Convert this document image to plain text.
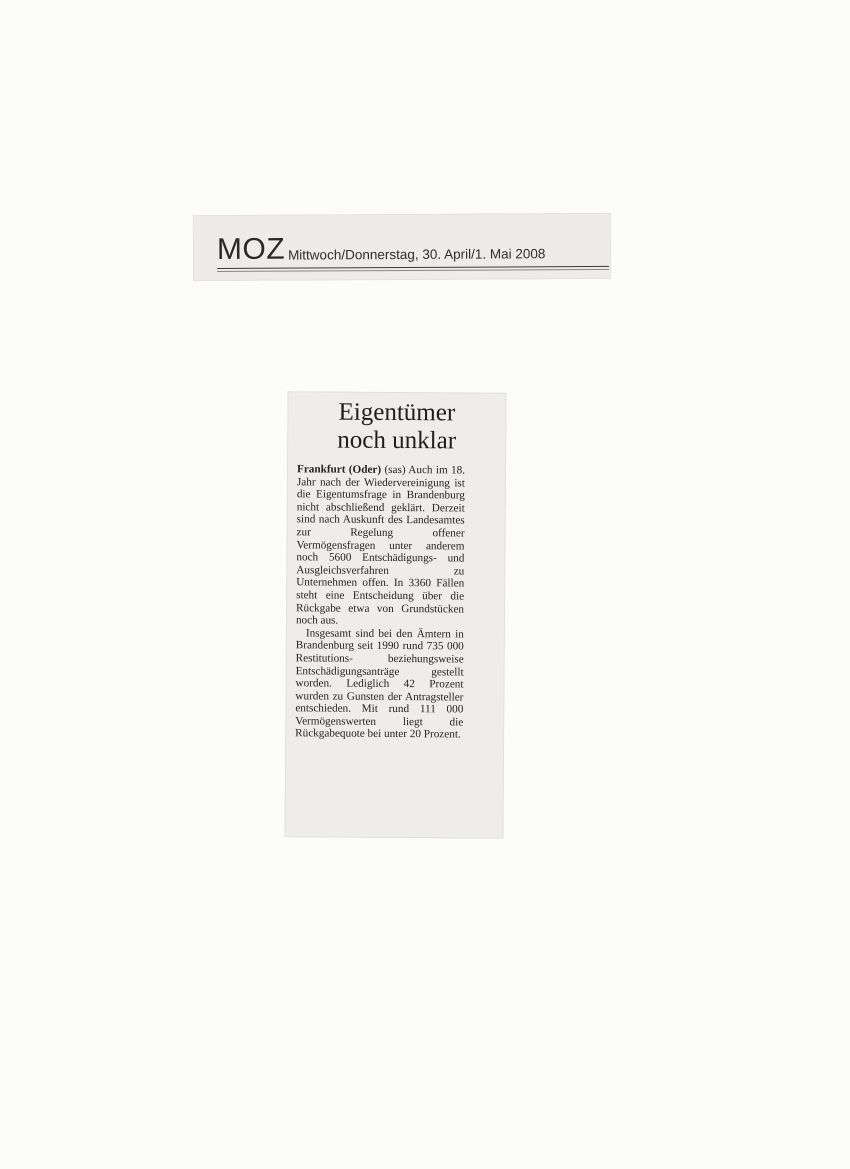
MOZ Mittwoch/Donnerstag, 30. April/1. Mai 2008
Eigentümer
noch unklar

Frankfurt (Oder) (sas) Auch im 18. Jahr nach der Wiedervereinigung ist die Eigentumsfrage in Brandenburg nicht abschließend geklärt. Derzeit sind nach Auskunft des Landesamtes zur Regelung offener Vermögensfragen unter anderem noch 5600 Entschädigungs- und Ausgleichsverfahren zu Unternehmen offen. In 3360 Fällen steht eine Entscheidung über die Rückgabe etwa von Grundstücken noch aus.

Insgesamt sind bei den Ämtern in Brandenburg seit 1990 rund 735 000 Restitutions- beziehungsweise Entschädigungsanträge gestellt worden. Lediglich 42 Prozent wurden zu Gunsten der Antragsteller entschieden. Mit rund 111 000 Vermögenswerten liegt die Rückgabequote bei unter 20 Prozent.
